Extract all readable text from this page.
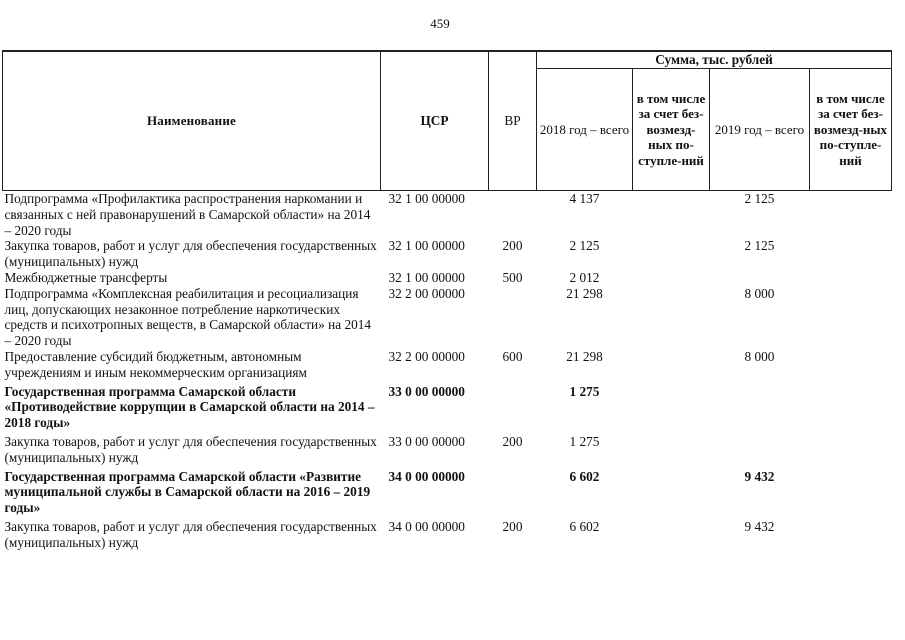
459
Наименование	ЦСР	ВР	Сумма, тыс. рублей			
			2018 год – всего	в том числе за счет без-возмезд-ных по-ступле-ний	2019 год – всего	в том числе за счет без-возмезд-ных по-ступле-ний
Подпрограмма «Профилактика распространения наркомании и связанных с ней правонарушений в Самарской области» на 2014 – 2020 годы	32 1 00 00000		4 137		2 125	
Закупка товаров, работ и услуг для обеспечения государственных (муниципальных) нужд	32 1 00 00000	200	2 125		2 125	
Межбюджетные трансферты	32 1 00 00000	500	2 012			
Подпрограмма «Комплексная реабилитация и ресоциализация лиц, допускающих незаконное потребление наркотических средств и психотропных веществ, в Самарской области» на 2014 – 2020 годы	32 2 00 00000		21 298		8 000	
Предоставление субсидий бюджетным, автономным учреждениям и иным некоммерческим организациям	32 2 00 00000	600	21 298		8 000	
Государственная программа Самарской области «Противодействие коррупции в Самарской области на 2014 – 2018 годы»	33 0 00 00000		1 275			
Закупка товаров, работ и услуг для обеспечения государственных (муниципальных) нужд	33 0 00 00000	200	1 275			
Государственная программа Самарской области «Развитие муниципальной службы в Самарской области на 2016 – 2019 годы»	34 0 00 00000		6 602		9 432	
Закупка товаров, работ и услуг для обеспечения государственных (муниципальных) нужд	34 0 00 00000	200	6 602		9 432	
